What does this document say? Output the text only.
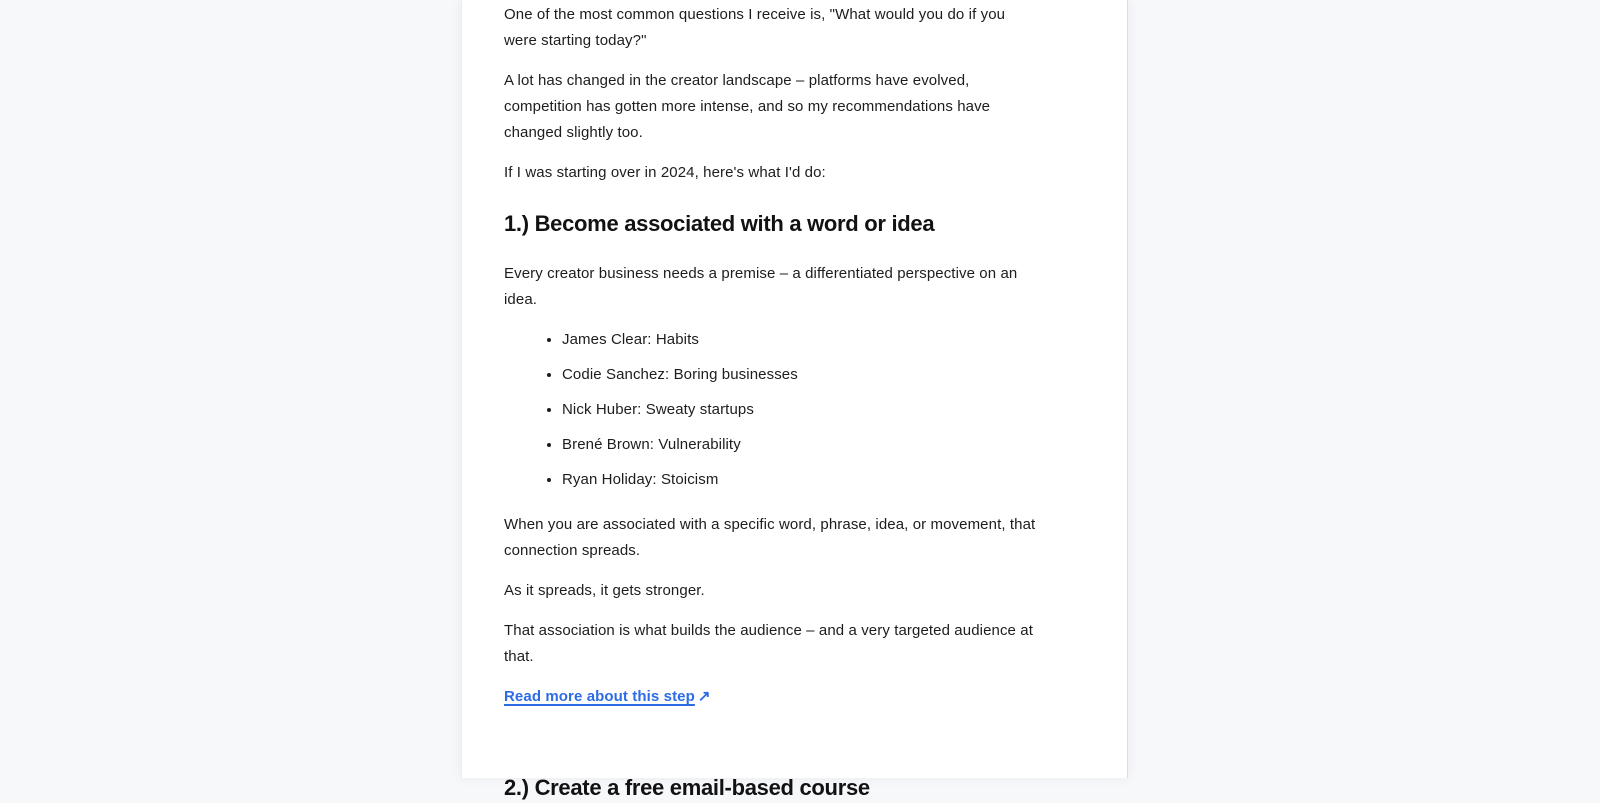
One of the most common questions I receive is, "What would you do if you were starting today?"

A lot has changed in the creator landscape – platforms have evolved, competition has gotten more intense, and so my recommendations have changed slightly too.

If I was starting over in 2024, here's what I'd do:

1.) Become associated with a word or idea

Every creator business needs a premise – a differentiated perspective on an idea.

• James Clear: Habits
• Codie Sanchez: Boring businesses
• Nick Huber: Sweaty startups
• Brené Brown: Vulnerability
• Ryan Holiday: Stoicism

When you are associated with a specific word, phrase, idea, or movement, that connection spreads.

As it spreads, it gets stronger.

That association is what builds the audience – and a very targeted audience at that.

Read more about this step ↗

2.) Create a free email-based course
